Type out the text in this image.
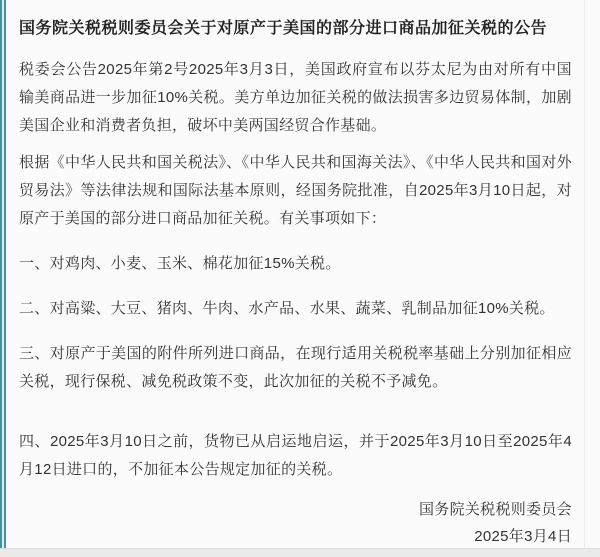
国务院关税税则委员会关于对原产于美国的部分进口商品加征关税的公告

税委会公告2025年第2号2025年3月3日，美国政府宣布以芬太尼为由对所有中国输美商品进一步加征10%关税。美方单边加征关税的做法损害多边贸易体制，加剧美国企业和消费者负担，破坏中美两国经贸合作基础。

根据《中华人民共和国关税法》、《中华人民共和国海关法》、《中华人民共和国对外贸易法》等法律法规和国际法基本原则，经国务院批准，自2025年3月10日起，对原产于美国的部分进口商品加征关税。有关事项如下：

一、对鸡肉、小麦、玉米、棉花加征15%关税。

二、对高粱、大豆、猪肉、牛肉、水产品、水果、蔬菜、乳制品加征10%关税。

三、对原产于美国的附件所列进口商品，在现行适用关税税率基础上分别加征相应关税，现行保税、减免税政策不变，此次加征的关税不予减免。

四、2025年3月10日之前，货物已从启运地启运，并于2025年3月10日至2025年4月12日进口的，不加征本公告规定加征的关税。

国务院关税税则委员会
2025年3月4日
